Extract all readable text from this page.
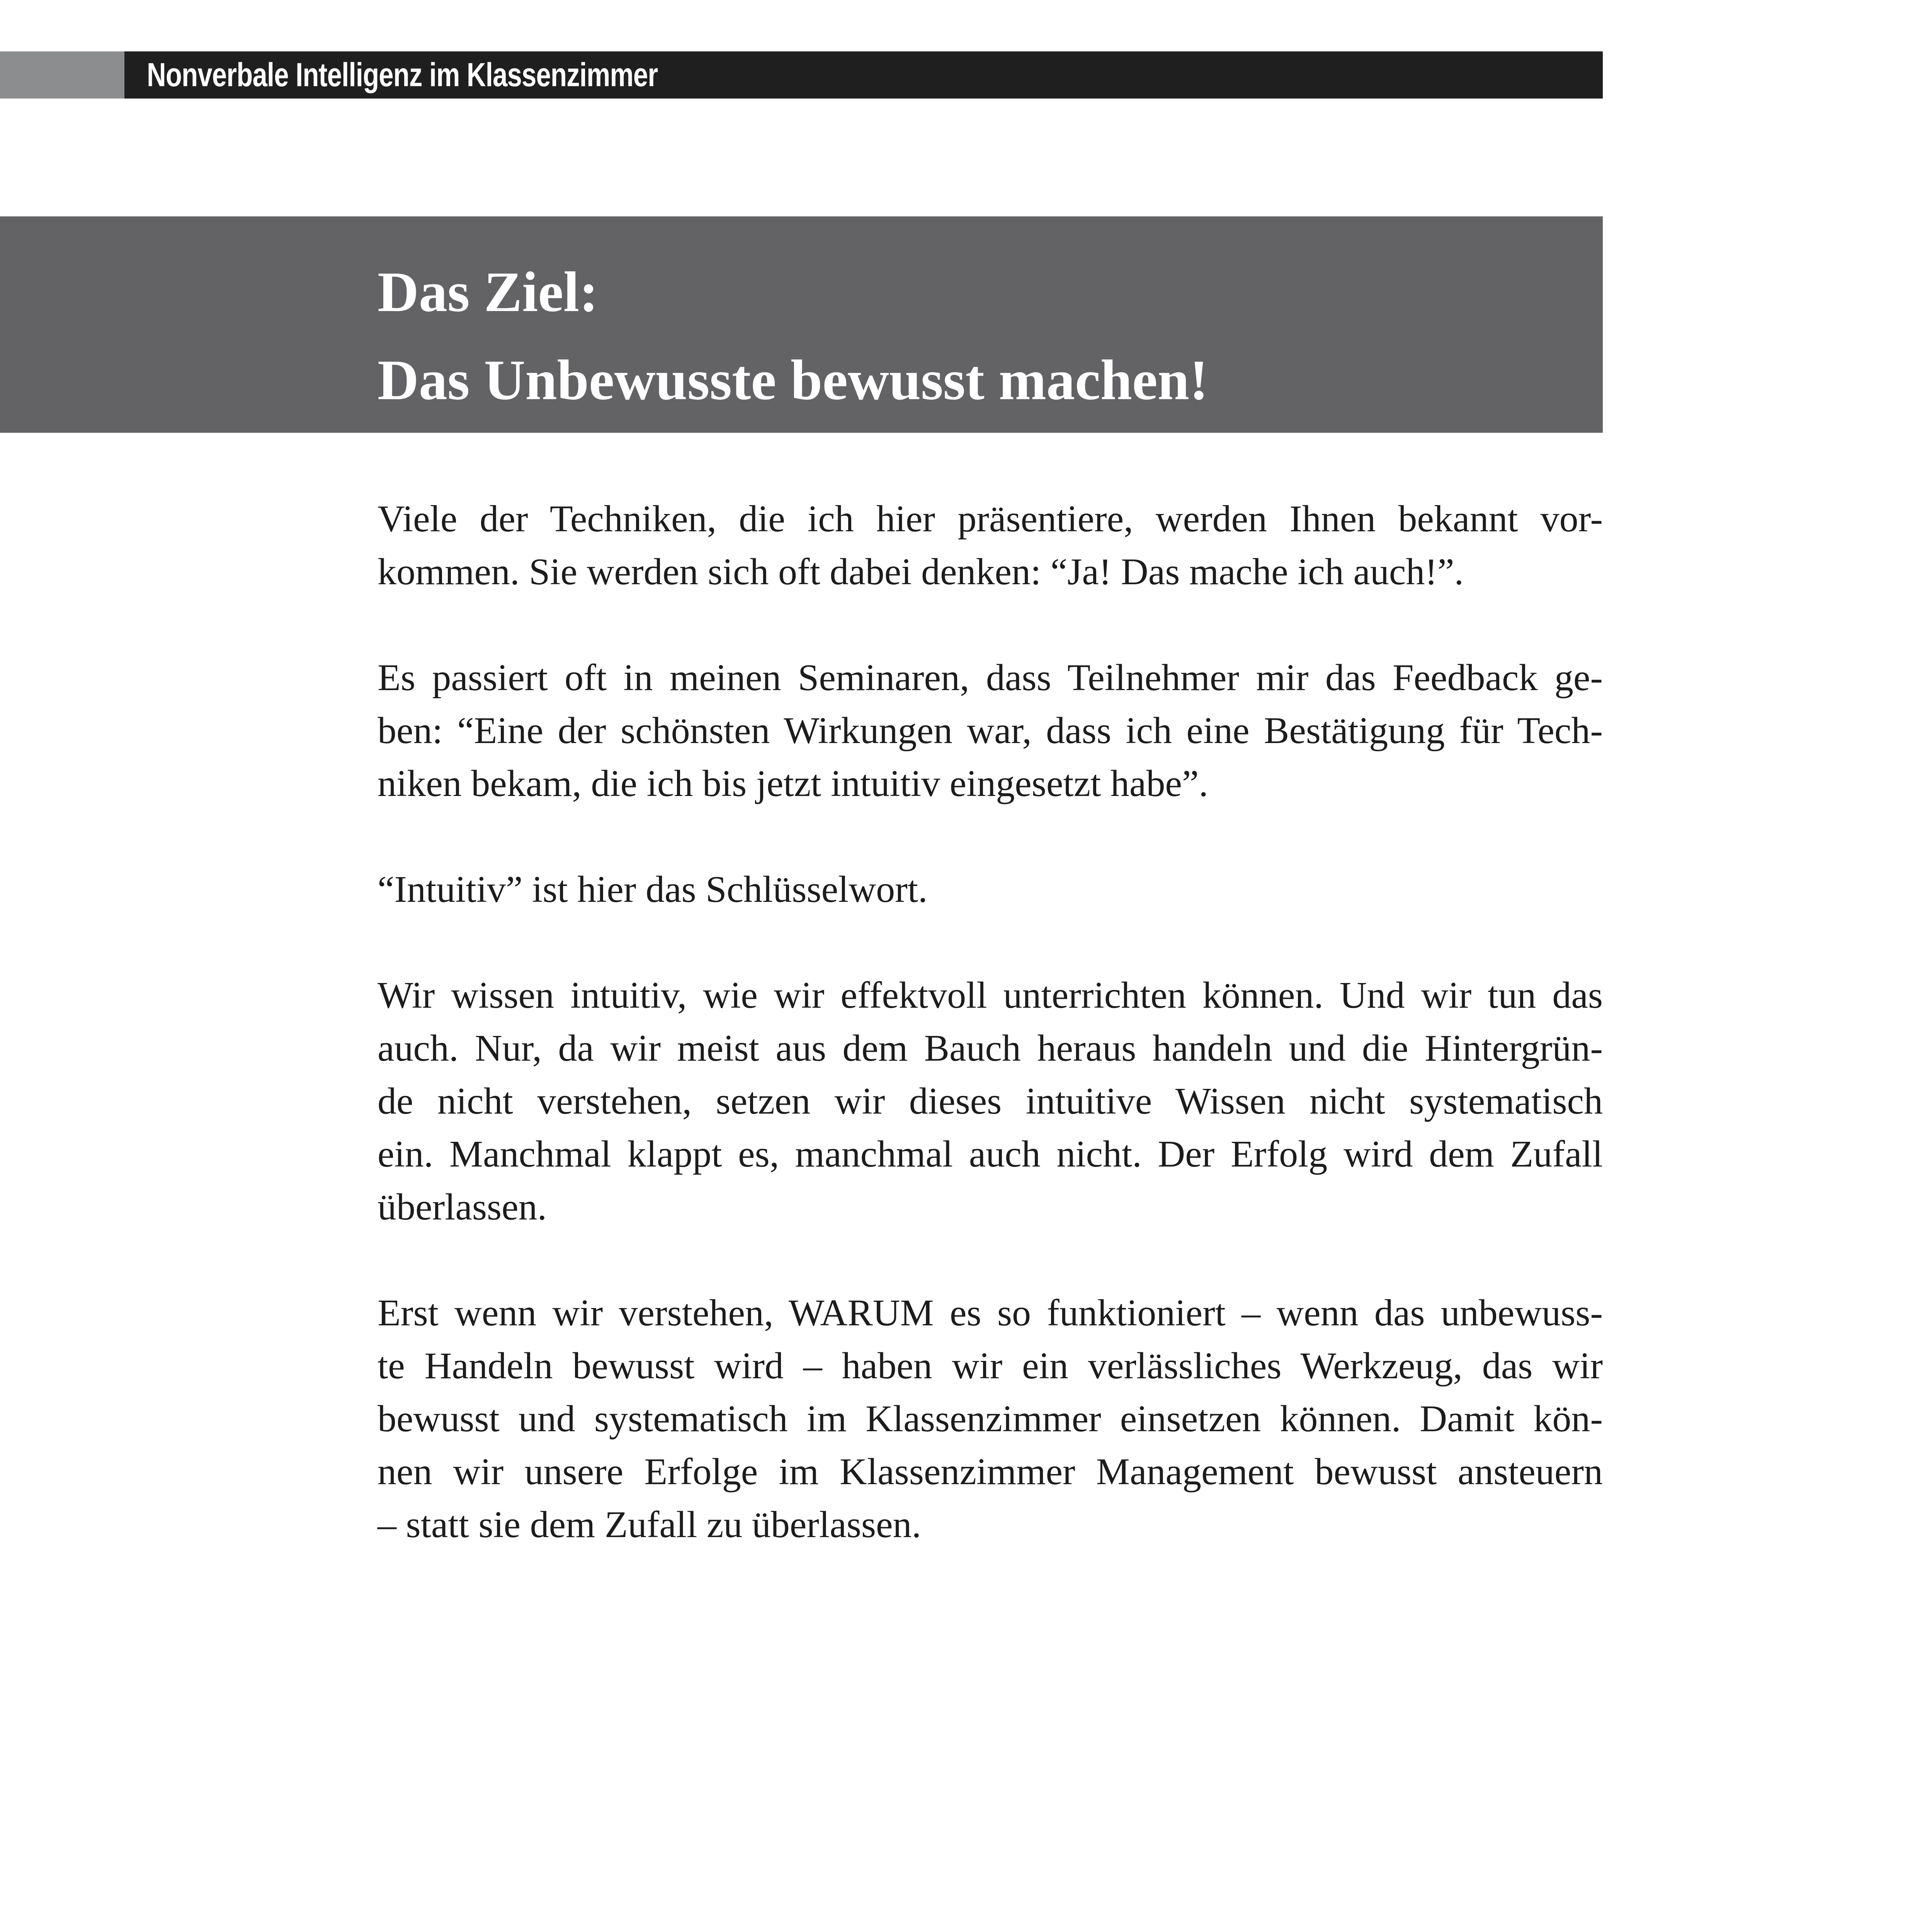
Nonverbale Intelligenz im Klassenzimmer
Das Ziel:
Das Unbewusste bewusst machen!

Viele der Techniken, die ich hier präsentiere, werden Ihnen bekannt vor-
kommen. Sie werden sich oft dabei denken: “Ja! Das mache ich auch!”.

Es passiert oft in meinen Seminaren, dass Teilnehmer mir das Feedback ge-
ben: “Eine der schönsten Wirkungen war, dass ich eine Bestätigung für Tech-
niken bekam, die ich bis jetzt intuitiv eingesetzt habe”.

“Intuitiv” ist hier das Schlüsselwort.

Wir wissen intuitiv, wie wir effektvoll unterrichten können. Und wir tun das
auch. Nur, da wir meist aus dem Bauch heraus handeln und die Hintergrün-
de nicht verstehen, setzen wir dieses intuitive Wissen nicht systematisch
ein. Manchmal klappt es, manchmal auch nicht. Der Erfolg wird dem Zufall
überlassen.

Erst wenn wir verstehen, WARUM es so funktioniert – wenn das unbewuss-
te Handeln bewusst wird – haben wir ein verlässliches Werkzeug, das wir
bewusst und systematisch im Klassenzimmer einsetzen können. Damit kön-
nen wir unsere Erfolge im Klassenzimmer Management bewusst ansteuern
– statt sie dem Zufall zu überlassen.
